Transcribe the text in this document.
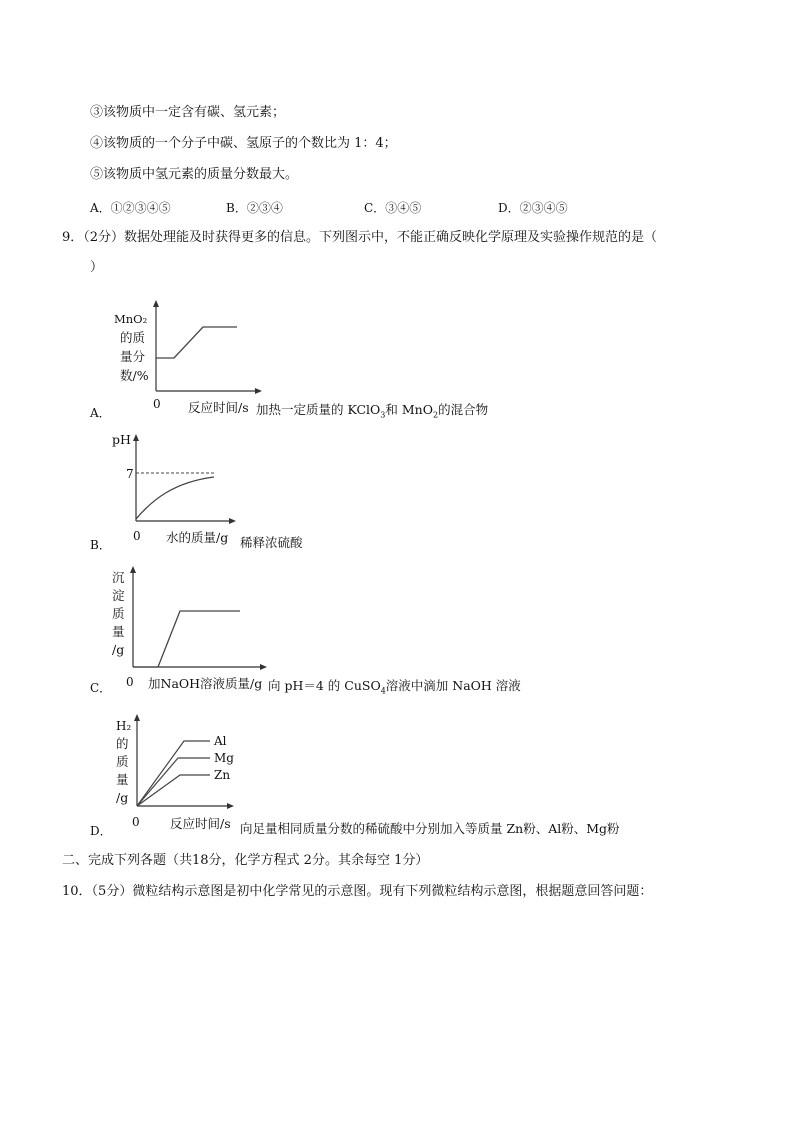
③该物质中一定含有碳、氢元素；
④该物质的一个分子中碳、氢原子的个数比为 1：4；
⑤该物质中氢元素的质量分数最大。
A．①②③④⑤	B．②③④	C．③④⑤	D．②③④⑤
9．（2分）数据处理能及时获得更多的信息。下列图示中，不能正确反映化学原理及实验操作规范的是（
）
A．
MnO₂
的质
量分
数/%
0 反应时间/s 加热一定质量的 KClO$_3$和 MnO$_2$的混合物
B．
pH
7
0 水的质量/g 稀释浓硫酸
C．
沉
淀
质
量
/g
0 加NaOH溶液质量/g 向 pH＝4 的 CuSO$_4$溶液中滴加 NaOH 溶液
D．
Al
Mg
Zn
H₂
的
质
量
/g
0 反应时间/s 向足量相同质量分数的稀硫酸中分别加入等质量 Zn粉、Al粉、Mg粉
二、完成下列各题（共18分，化学方程式 2分。其余每空 1分）
10．（5分）微粒结构示意图是初中化学常见的示意图。现有下列微粒结构示意图，根据题意回答问题：
